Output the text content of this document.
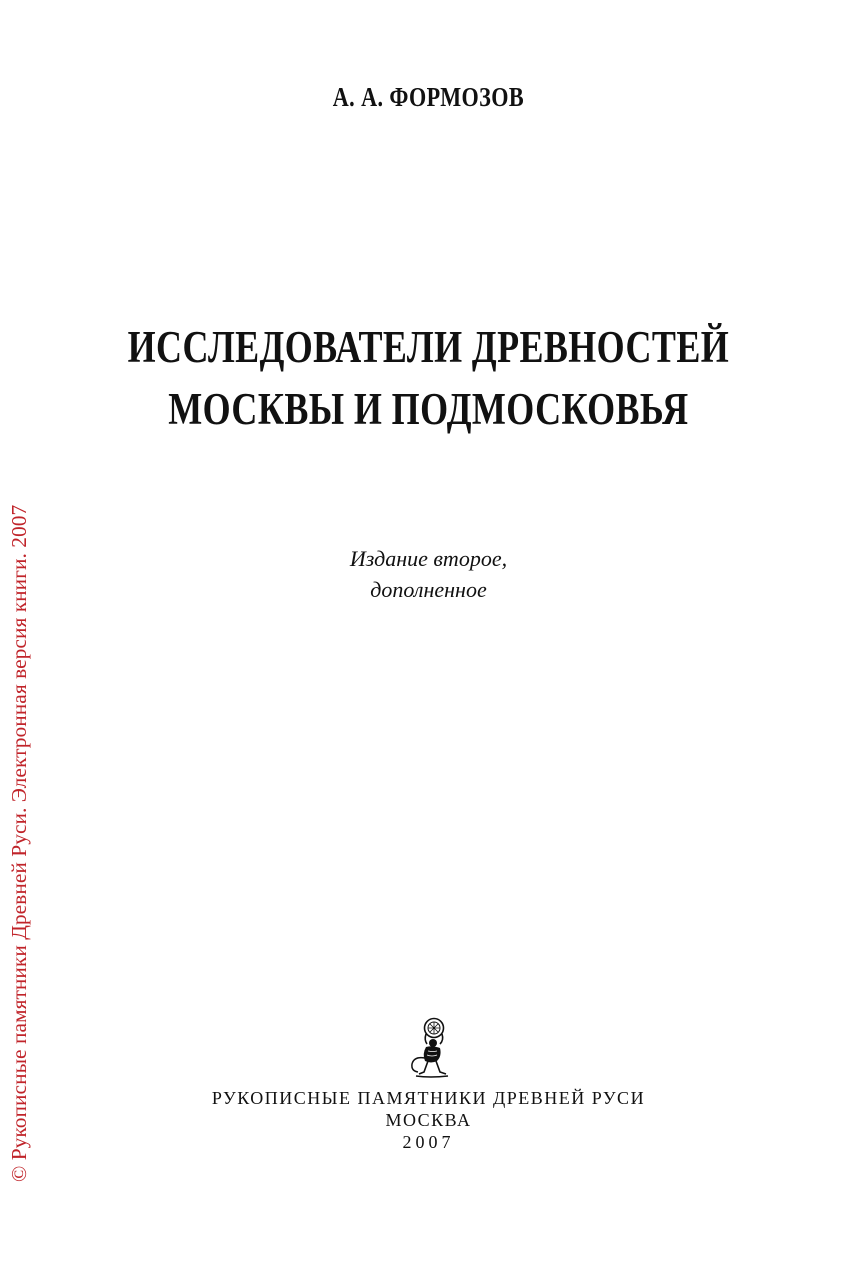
А. А. ФОРМОЗОВ
ИССЛЕДОВАТЕЛИ ДРЕВНОСТЕЙ
МОСКВЫ И ПОДМОСКОВЬЯ
Издание второе,
дополненное
РУКОПИСНЫЕ ПАМЯТНИКИ ДРЕВНЕЙ РУСИ
МОСКВА
2007
© Рукописные памятники Древней Руси. Электронная версия книги. 2007
